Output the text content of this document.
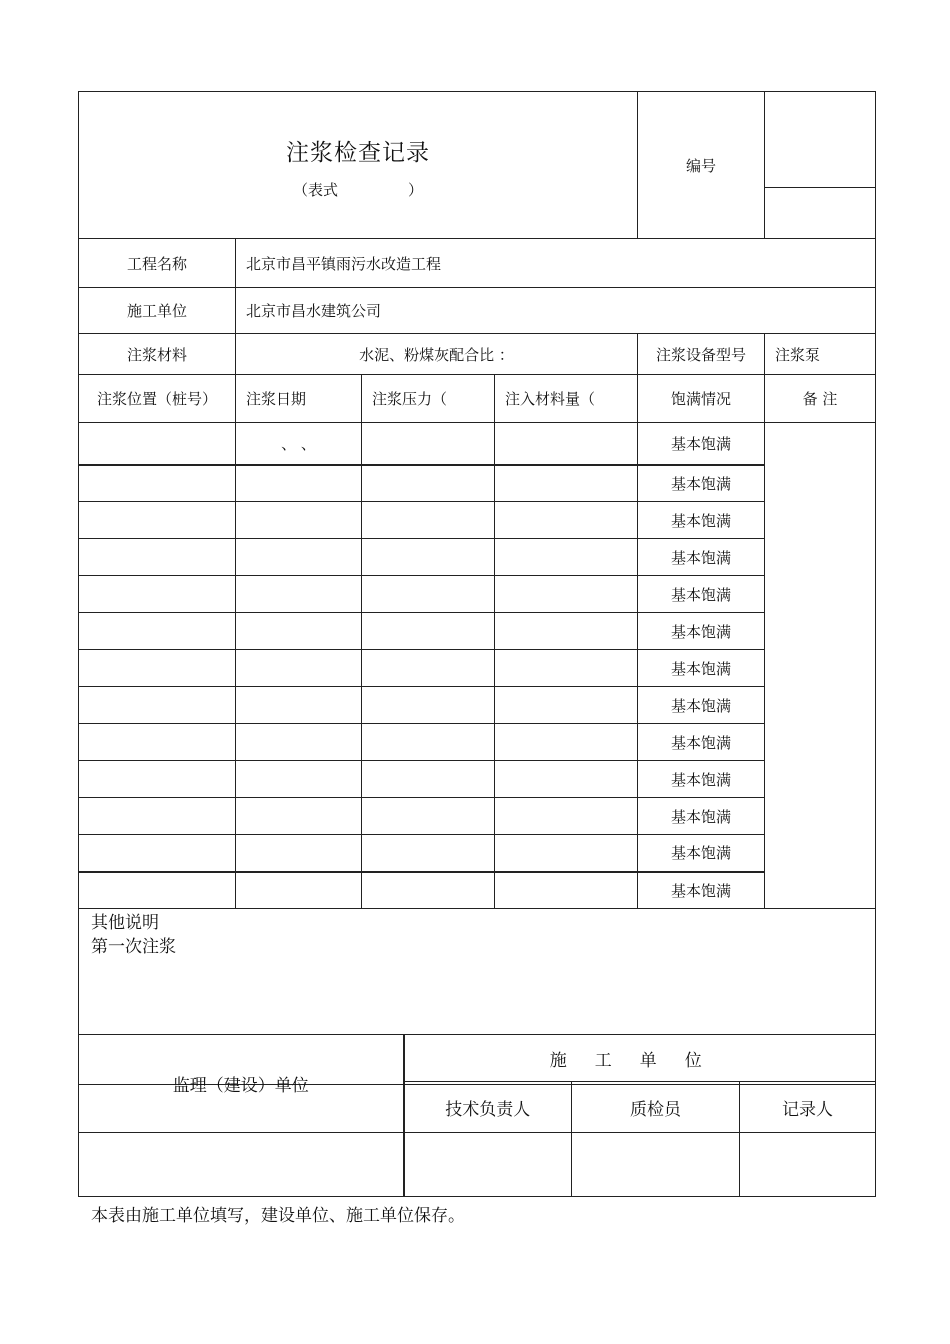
注浆检查记录
（表式 ）				编号	

工程名称	北京市昌平镇雨污水改造工程				
施工单位	北京市昌水建筑公司				
注浆材料	水泥、粉煤灰配合比 ：			注浆设备型号	注浆泵
注浆位置（桩号）	注浆日期	注浆压力（	注入材料量（	饱满情况	备 注
	、 、			基本饱满	
				基本饱满	
				基本饱满	
				基本饱满	
				基本饱满	
				基本饱满	
				基本饱满	
				基本饱满	
				基本饱满	
				基本饱满	
				基本饱满	
				基本饱满	
				基本饱满	

其他说明
第一次注浆					
监理（建设）单位	施工单位		
	技术负责人	质检员	记录人

本表由施工单位填写，建设单位、施工单位保存。
